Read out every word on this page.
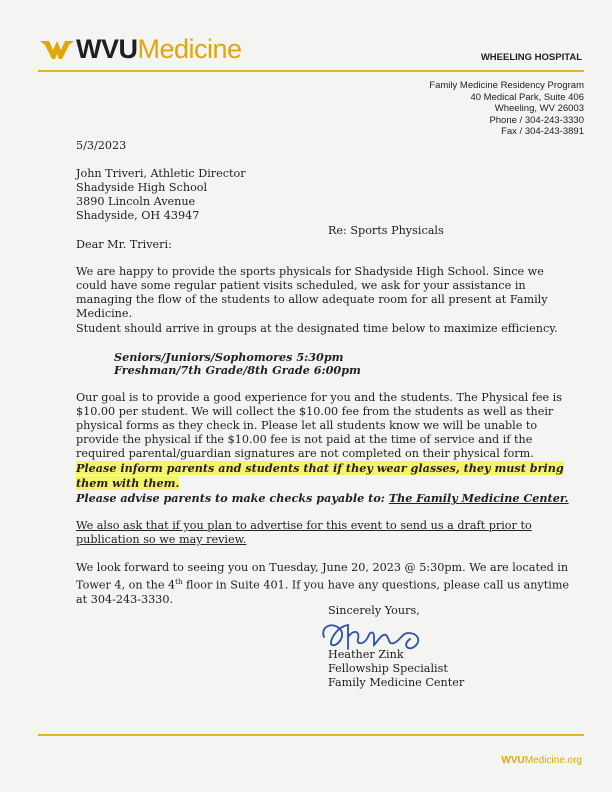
WVUMedicine	WHEELING HOSPITAL
Family Medicine Residency Program
40 Medical Park, Suite 406
Wheeling, WV 26003
Phone / 304-243-3330
Fax / 304-243-3891
5/3/2023
John Triveri, Athletic Director
Shadyside High School
3890 Lincoln Avenue
Shadyside, OH 43947
Re: Sports Physicals
Dear Mr. Triveri:
We are happy to provide the sports physicals for Shadyside High School. Since we could have some regular patient visits scheduled, we ask for your assistance in managing the flow of the students to allow adequate room for all present at Family Medicine.
Student should arrive in groups at the designated time below to maximize efficiency.
Seniors/Juniors/Sophomores 5:30pm
Freshman/7th Grade/8th Grade 6:00pm
Our goal is to provide a good experience for you and the students. The Physical fee is $10.00 per student. We will collect the $10.00 fee from the students as well as their physical forms as they check in. Please let all students know we will be unable to provide the physical if the $10.00 fee is not paid at the time of service and if the required parental/guardian signatures are not completed on their physical form. Please inform parents and students that if they wear glasses, they must bring them with them.
Please advise parents to make checks payable to: The Family Medicine Center.
We also ask that if you plan to advertise for this event to send us a draft prior to publication so we may review.
We look forward to seeing you on Tuesday, June 20, 2023 @ 5:30pm. We are located in Tower 4, on the 4th floor in Suite 401. If you have any questions, please call us anytime at 304-243-3330.
Sincerely Yours,
Heather Zink
Fellowship Specialist
Family Medicine Center
WVUMedicine.org
